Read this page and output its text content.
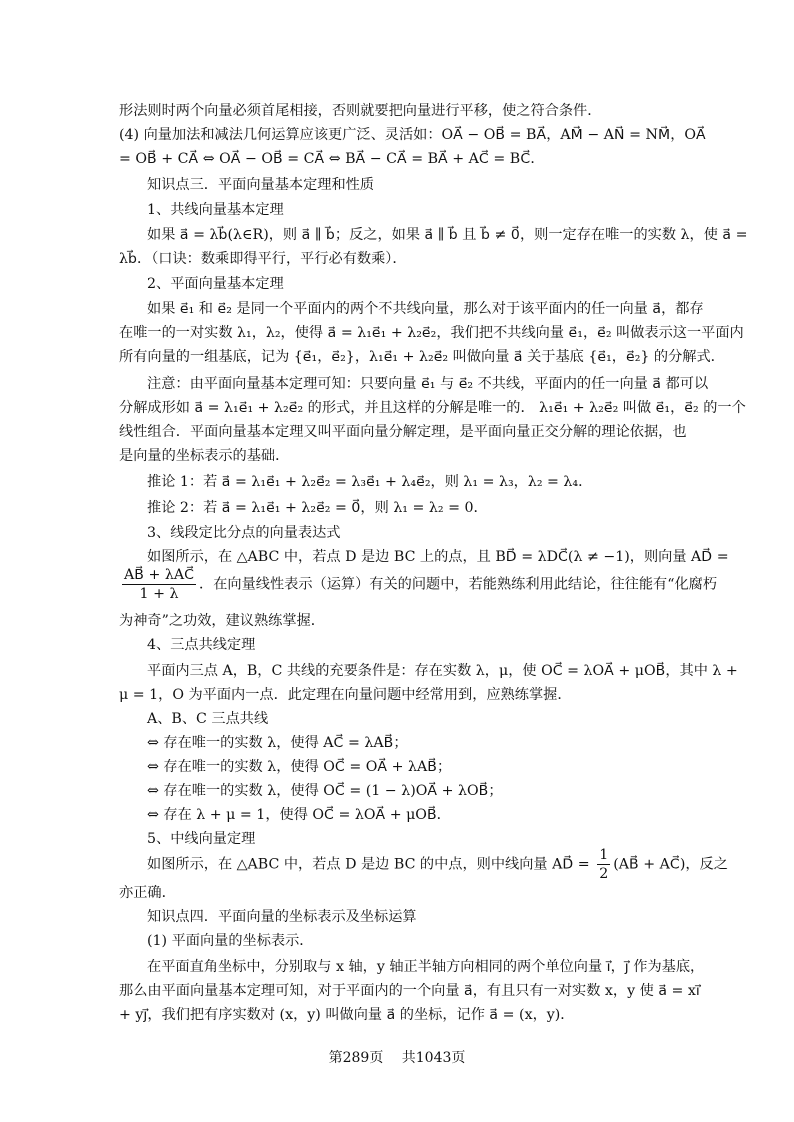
形法则时两个向量必须首尾相接，否则就要把向量进行平移，使之符合条件．
(4) 向量加法和减法几何运算应该更广泛、灵活如：OA⃗ − OB⃗ = BA⃗，AM⃗ − AN⃗ = NM⃗，OA⃗
= OB⃗ + CA⃗ ⇔ OA⃗ − OB⃗ = CA⃗ ⇔ BA⃗ − CA⃗ = BA⃗ + AC⃗ = BC⃗．
知识点三．平面向量基本定理和性质
1、共线向量基本定理
如果 a⃗ = λb⃗(λ∈R)，则 a⃗ ∥ b⃗；反之，如果 a⃗ ∥ b⃗ 且 b⃗ ≠ 0⃗，则一定存在唯一的实数 λ，使 a⃗ =
λb⃗．（口诀：数乘即得平行，平行必有数乘）．
2、平面向量基本定理
如果 e⃗₁ 和 e⃗₂ 是同一个平面内的两个不共线向量，那么对于该平面内的任一向量 a⃗，都存
在唯一的一对实数 λ₁，λ₂，使得 a⃗ = λ₁e⃗₁ + λ₂e⃗₂，我们把不共线向量 e⃗₁，e⃗₂ 叫做表示这一平面内
所有向量的一组基底，记为 {e⃗₁，e⃗₂}，λ₁e⃗₁ + λ₂e⃗₂ 叫做向量 a⃗ 关于基底 {e⃗₁，e⃗₂} 的分解式．
注意：由平面向量基本定理可知：只要向量 e⃗₁ 与 e⃗₂ 不共线，平面内的任一向量 a⃗ 都可以
分解成形如 a⃗ = λ₁e⃗₁ + λ₂e⃗₂ 的形式，并且这样的分解是唯一的． λ₁e⃗₁ + λ₂e⃗₂ 叫做 e⃗₁，e⃗₂ 的一个
线性组合．平面向量基本定理又叫平面向量分解定理，是平面向量正交分解的理论依据，也
是向量的坐标表示的基础．
推论 1：若 a⃗ = λ₁e⃗₁ + λ₂e⃗₂ = λ₃e⃗₁ + λ₄e⃗₂，则 λ₁ = λ₃，λ₂ = λ₄．
推论 2：若 a⃗ = λ₁e⃗₁ + λ₂e⃗₂ = 0⃗，则 λ₁ = λ₂ = 0．
3、线段定比分点的向量表达式
如图所示，在 △ABC 中，若点 D 是边 BC 上的点，且 BD⃗ = λDC⃗(λ ≠ −1)，则向量 AD⃗ =
$\frac{\text{AB⃗ + λAC⃗}}{1 + \lambda}$ ．在向量线性表示（运算）有关的问题中，若能熟练利用此结论，往往能有“化腐朽
为神奇”之功效，建议熟练掌握．
4、三点共线定理
平面内三点 A，B，C 共线的充要条件是：存在实数 λ，μ，使 OC⃗ = λOA⃗ + μOB⃗，其中 λ +
μ = 1，O 为平面内一点．此定理在向量问题中经常用到，应熟练掌握．
A、B、C 三点共线
⇔ 存在唯一的实数 λ，使得 AC⃗ = λAB⃗；
⇔ 存在唯一的实数 λ，使得 OC⃗ = OA⃗ + λAB⃗；
⇔ 存在唯一的实数 λ，使得 OC⃗ = (1 − λ)OA⃗ + λOB⃗；
⇔ 存在 λ + μ = 1，使得 OC⃗ = λOA⃗ + μOB⃗．
5、中线向量定理
如图所示，在 △ABC 中，若点 D 是边 BC 的中点，则中线向量 AD⃗ = $\frac{1}{2}$ (AB⃗ + AC⃗)，反之
亦正确．
知识点四．平面向量的坐标表示及坐标运算
(1) 平面向量的坐标表示．
在平面直角坐标中，分别取与 x 轴，y 轴正半轴方向相同的两个单位向量 i⃗，j⃗ 作为基底，
那么由平面向量基本定理可知，对于平面内的一个向量 a⃗，有且只有一对实数 x，y 使 a⃗ = xi⃗
+ yj⃗，我们把有序实数对 (x，y) 叫做向量 a⃗ 的坐标，记作 a⃗ = (x，y)．
第289页　 共1043页
